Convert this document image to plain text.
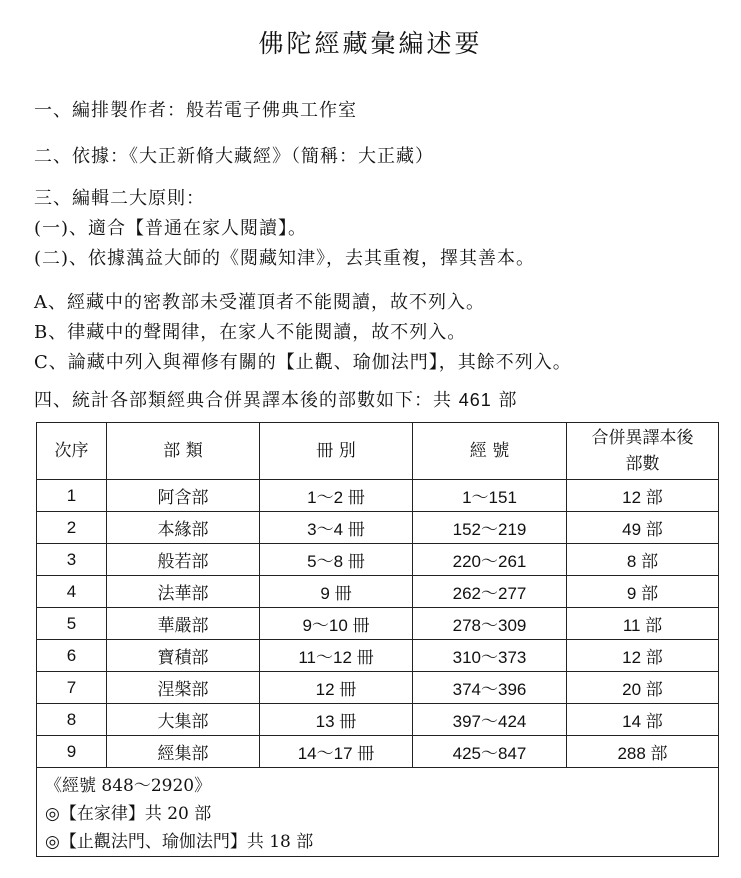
佛陀經藏彙編述要
一、編排製作者：般若電子佛典工作室
二、依據：《大正新脩大藏經》（簡稱：大正藏）
三、編輯二大原則：
(一)、適合【普通在家人閱讀】。
(二)、依據蕅益大師的《閱藏知津》，去其重複，擇其善本。
A、經藏中的密教部未受灌頂者不能閱讀，故不列入。
B、律藏中的聲聞律，在家人不能閱讀，故不列入。
C、論藏中列入與禪修有關的【止觀、瑜伽法門】，其餘不列入。
四、統計各部類經典合併異譯本後的部數如下：共 461 部
次序	部 類	冊 別	經 號	合併異譯本後
部數

1	阿含部	1～2 冊	1～151	12 部
2	本緣部	3～4 冊	152～219	49 部
3	般若部	5～8 冊	220～261	8 部
4	法華部	9 冊	262～277	9 部
5	華嚴部	9～10 冊	278～309	11 部
6	寶積部	11～12 冊	310～373	12 部
7	涅槃部	12 冊	374～396	20 部
8	大集部	13 冊	397～424	14 部
9	經集部	14～17 冊	425～847	288 部

《經號 848～2920》
◎【在家律】共 20 部
◎【止觀法門、瑜伽法門】共 18 部				
